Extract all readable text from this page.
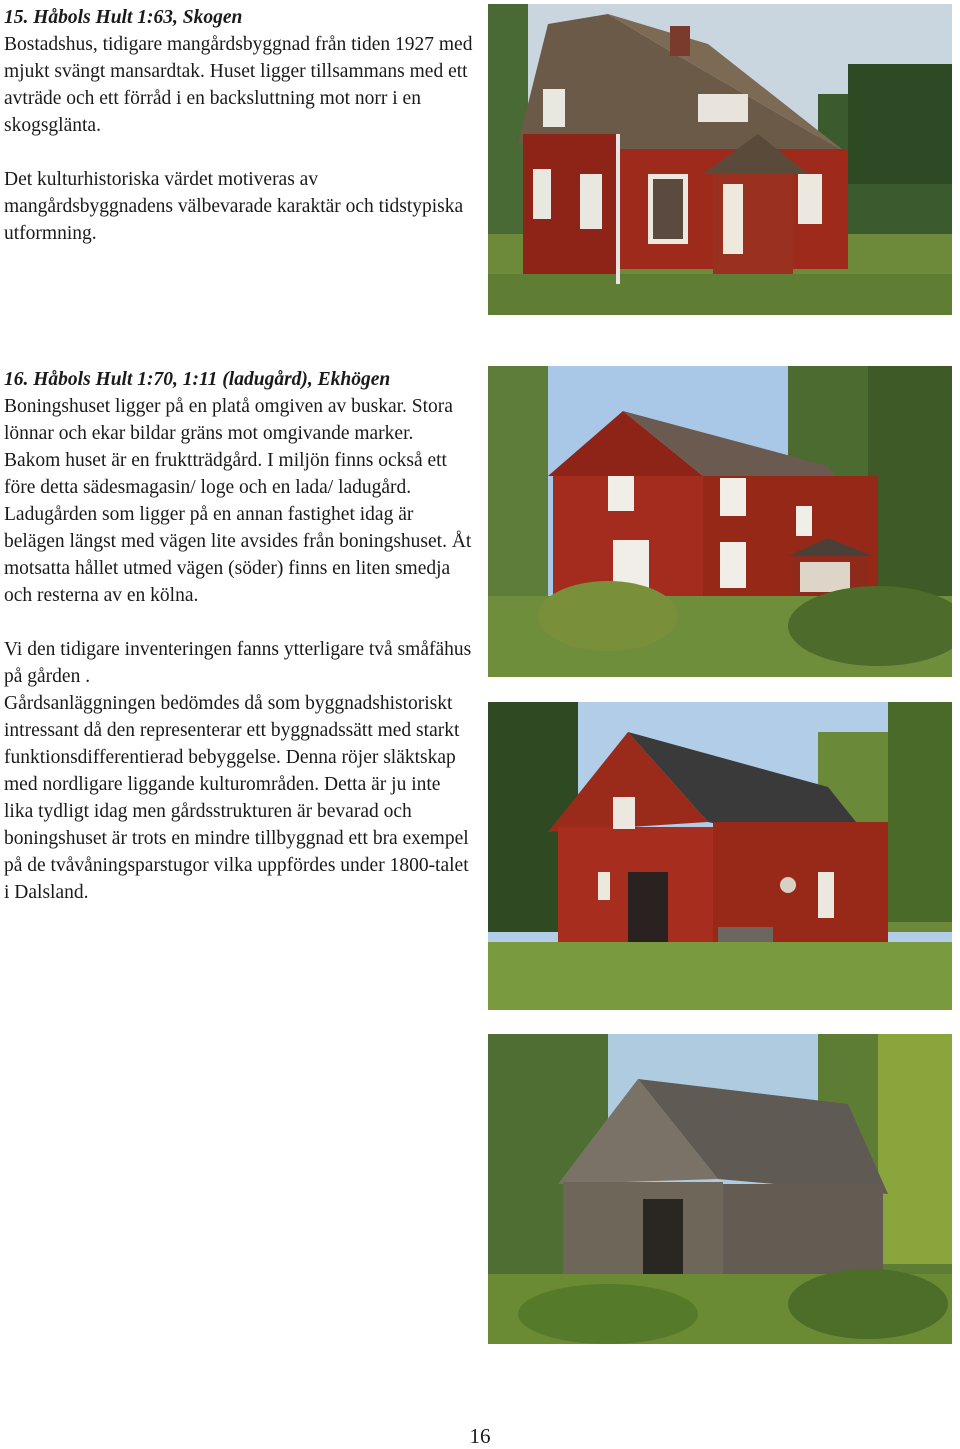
15. Håbols Hult 1:63, Skogen

Bostadshus, tidigare mangårdsbyggnad från tiden 1927 med mjukt svängt mansardtak. Huset ligger tillsammans med ett avträde och ett förråd i en backsluttning mot norr i en skogsglänta.

Det kulturhistoriska värdet motiveras av mangårdsbyggnadens välbevarade karaktär och tidstypiska utformning.

16. Håbols Hult 1:70, 1:11 (ladugård), Ekhögen

Boningshuset ligger på en platå omgiven av buskar. Stora lönnar och ekar bildar gräns mot omgivande marker. Bakom huset är en fruktträdgård. I miljön finns också ett före detta sädesmagasin/ loge och en lada/ ladugård. Ladugården som ligger på en annan fastighet idag är belägen längst med vägen lite avsides från boningshuset. Åt motsatta hållet utmed vägen (söder) finns en liten smedja och resterna av en kölna.

Vi den tidigare inventeringen fanns ytterligare två småfähus på gården .

Gårdsanläggningen bedömdes då som byggnadshistoriskt intressant då den representerar ett byggnadssätt med starkt funktionsdifferentierad bebyggelse. Denna röjer släktskap med nordligare liggande kulturområden. Detta är ju inte lika tydligt idag men gårdsstrukturen är bevarad och boningshuset är trots en mindre tillbyggnad ett bra exempel på de tvåvåningsparstugor vilka uppfördes under 1800-talet i Dalsland.

16
